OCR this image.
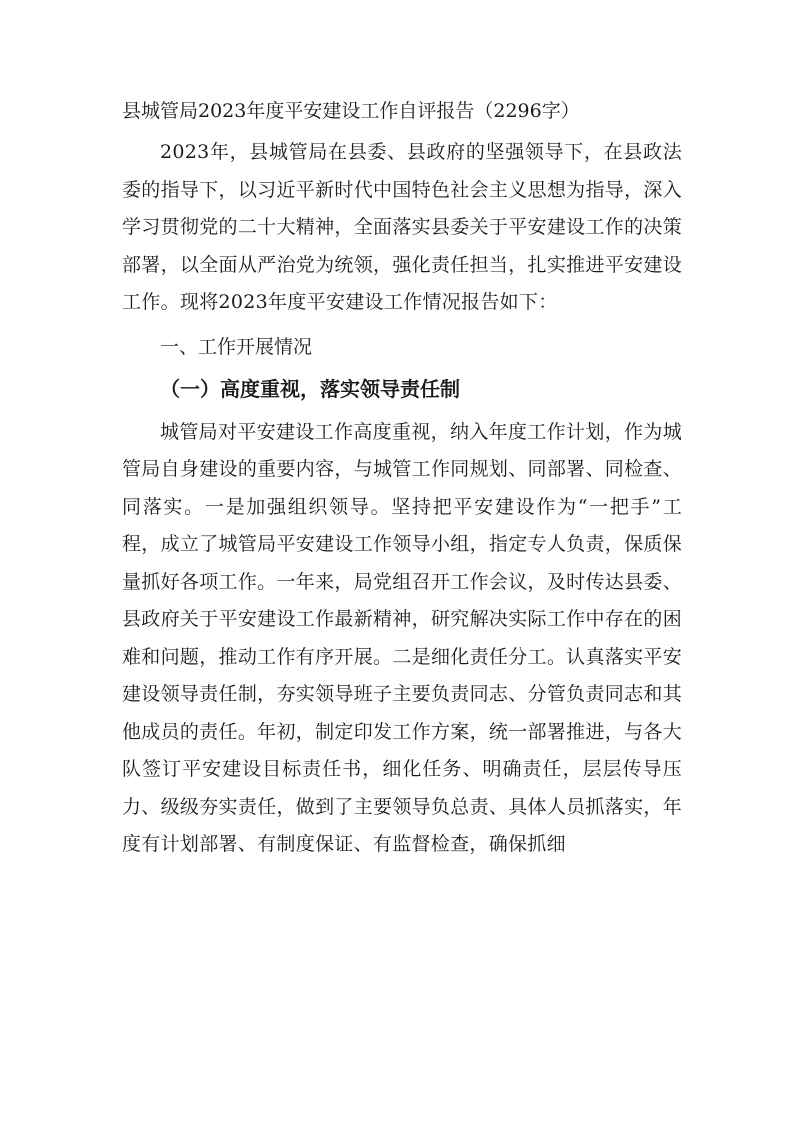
县城管局2023年度平安建设工作自评报告（2296字）

2023年，县城管局在县委、县政府的坚强领导下，在县政法委的指导下，以习近平新时代中国特色社会主义思想为指导，深入学习贯彻党的二十大精神，全面落实县委关于平安建设工作的决策部署，以全面从严治党为统领，强化责任担当，扎实推进平安建设工作。现将2023年度平安建设工作情况报告如下：

一、工作开展情况

（一）高度重视，落实领导责任制

城管局对平安建设工作高度重视，纳入年度工作计划，作为城管局自身建设的重要内容，与城管工作同规划、同部署、同检查、同落实。一是加强组织领导。坚持把平安建设作为“一把手”工程，成立了城管局平安建设工作领导小组，指定专人负责，保质保量抓好各项工作。一年来，局党组召开工作会议，及时传达县委、县政府关于平安建设工作最新精神，研究解决实际工作中存在的困难和问题，推动工作有序开展。二是细化责任分工。认真落实平安建设领导责任制，夯实领导班子主要负责同志、分管负责同志和其他成员的责任。年初，制定印发工作方案，统一部署推进，与各大队签订平安建设目标责任书，细化任务、明确责任，层层传导压力、级级夯实责任，做到了主要领导负总责、具体人员抓落实，年度有计划部署、有制度保证、有监督检查，确保抓细
